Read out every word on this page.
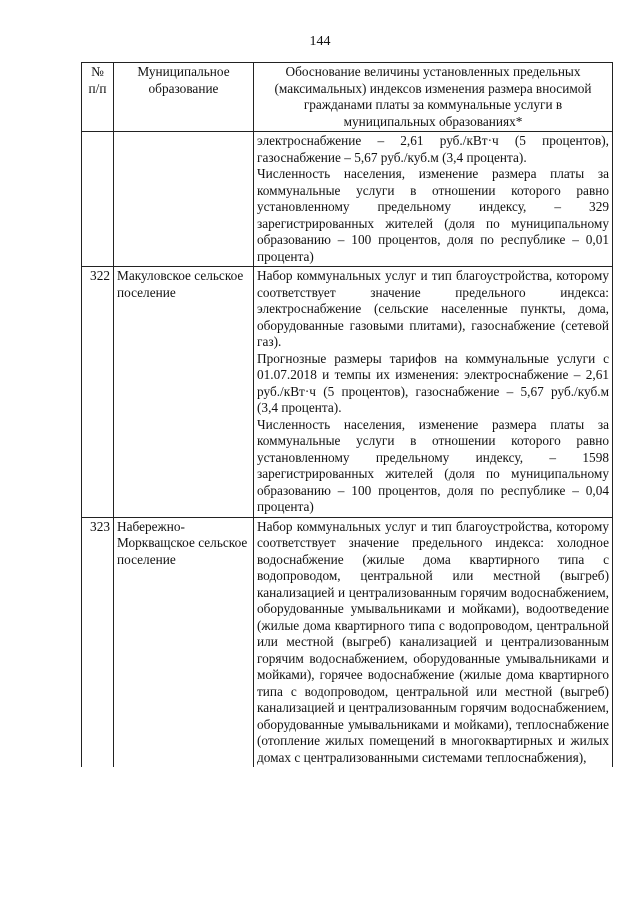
144
№ п/п	Муниципальное образование	Обоснование величины установленных предельных (максимальных) индексов изменения размера вносимой гражданами платы за коммунальные услуги в муниципальных образованиях*

		электроснабжение – 2,61 руб./кВт·ч (5 процентов), газоснабжение – 5,67 руб./куб.м (3,4 процента).

Численность населения, изменение размера платы за коммунальные услуги в отношении которого равно установленному предельному индексу, – 329 зарегистрированных жителей (доля по муниципальному образованию – 100 процентов, доля по республике – 0,01 процента)

322	Макуловское сельское поселение	Набор коммунальных услуг и тип благоустройства, которому соответствует значение предельного индекса: электроснабжение (сельские населенные пункты, дома, оборудованные газовыми плитами), газоснабжение (сетевой газ).

Прогнозные размеры тарифов на коммунальные услуги с 01.07.2018 и темпы их изменения: электроснабжение – 2,61 руб./кВт·ч (5 процентов), газоснабжение – 5,67 руб./куб.м (3,4 процента).

Численность населения, изменение размера платы за коммунальные услуги в отношении которого равно установленному предельному индексу, – 1598 зарегистрированных жителей (доля по муниципальному образованию – 100 процентов, доля по республике – 0,04 процента)

323	Набережно-Моркващское сельское поселение	Набор коммунальных услуг и тип благоустройства, которому соответствует значение предельного индекса: холодное водоснабжение (жилые дома квартирного типа с водопроводом, центральной или местной (выгреб) канализацией и централизованным горячим водоснабжением, оборудованные умывальниками и мойками), водоотведение (жилые дома квартирного типа с водопроводом, центральной или местной (выгреб) канализацией и централизованным горячим водоснабжением, оборудованные умывальниками и мойками), горячее водоснабжение (жилые дома квартирного типа с водопроводом, центральной или местной (выгреб) канализацией и централизованным горячим водоснабжением, оборудованные умывальниками и мойками), теплоснабжение (отопление жилых помещений в многоквартирных и жилых домах с централизованными системами теплоснабжения),
